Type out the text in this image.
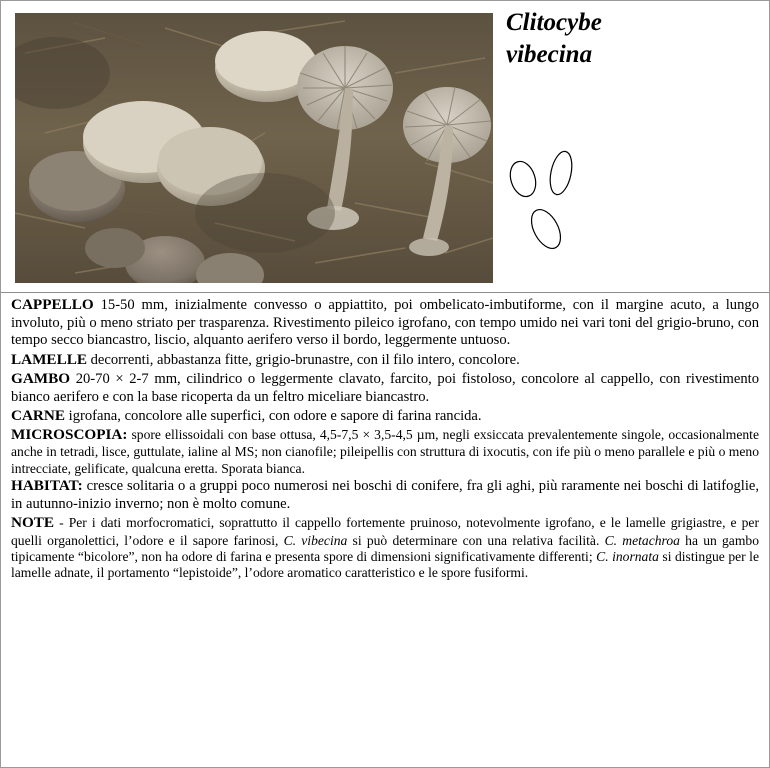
Clitocybe
vibecina

CAPPELLO 15-50 mm, inizialmente convesso o appiattito, poi ombelicato-imbutiforme, con il margine acuto, a lungo involuto, più o meno striato per trasparenza. Rivestimento pileico igrofano, con tempo umido nei vari toni del grigio-bruno, con tempo secco biancastro, liscio, alquanto aerifero verso il bordo, leggermente untuoso.

LAMELLE decorrenti, abbastanza fitte, grigio-brunastre, con il filo intero, concolore.

GAMBO 20-70 × 2-7 mm, cilindrico o leggermente clavato, farcito, poi fistoloso, concolore al cappello, con rivestimento bianco aerifero e con la base ricoperta da un feltro miceliare biancastro.

CARNE igrofana, concolore alle superfici, con odore e sapore di farina rancida.

MICROSCOPIA: spore ellissoidali con base ottusa, 4,5-7,5 × 3,5-4,5 µm, negli exsiccata prevalentemente singole, occasionalmente anche in tetradi, lisce, guttulate, ialine al MS; non cianofile; pileipellis con struttura di ixocutis, con ife più o meno parallele e più o meno intrecciate, gelificate, qualcuna eretta. Sporata bianca.

HABITAT: cresce solitaria o a gruppi poco numerosi nei boschi di conifere, fra gli aghi, più raramente nei boschi di latifoglie, in autunno-inizio inverno; non è molto comune.

NOTE - Per i dati morfocromatici, soprattutto il cappello fortemente pruinoso, notevolmente igrofano, e le lamelle grigiastre, e per quelli organolettici, l’odore e il sapore farinosi, C. vibecina si può determinare con una relativa facilità. C. metachroa ha un gambo tipicamente “bicolore”, non ha odore di farina e presenta spore di dimensioni significativamente differenti; C. inornata si distingue per le lamelle adnate, il portamento “lepistoide”, l’odore aromatico caratteristico e le spore fusiformi.
